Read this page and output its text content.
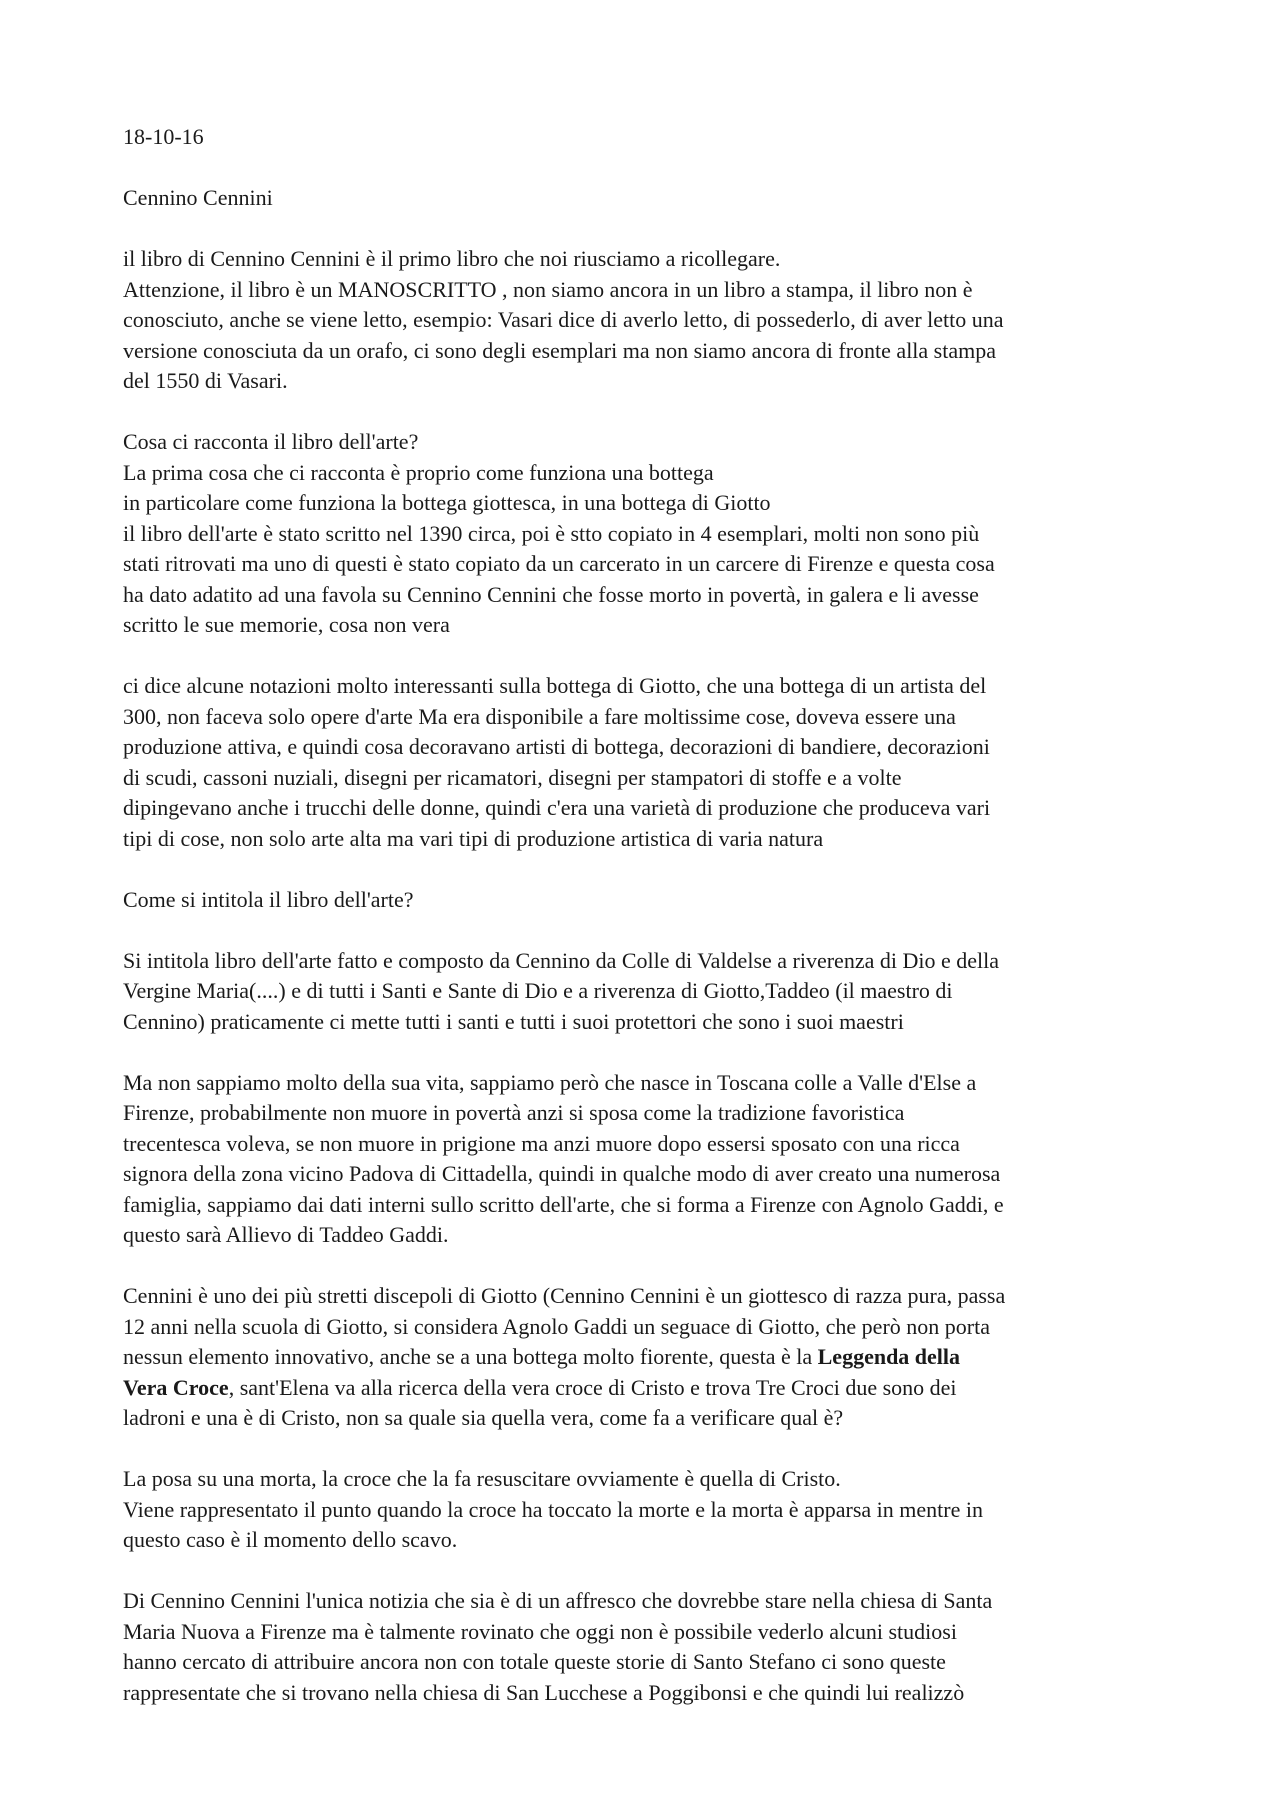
18-10-16

Cennino Cennini

il libro di Cennino Cennini è il primo libro che noi riusciamo a ricollegare.
Attenzione, il libro è un MANOSCRITTO , non siamo ancora in un libro a stampa, il libro non è
conosciuto, anche se viene letto, esempio: Vasari dice di averlo letto, di possederlo, di aver letto una
versione conosciuta da un orafo, ci sono degli esemplari ma non siamo ancora di fronte alla stampa
del 1550 di Vasari.

Cosa ci racconta il libro dell'arte?
La prima cosa che ci racconta è proprio come funziona una bottega
in particolare come funziona la bottega giottesca, in una bottega di Giotto
il libro dell'arte è stato scritto nel 1390 circa, poi è stto copiato in 4 esemplari, molti non sono più
stati ritrovati ma uno di questi è stato copiato da un carcerato in un carcere di Firenze e questa cosa
ha dato adatito ad una favola su Cennino Cennini che fosse morto in povertà, in galera e li avesse
scritto le sue memorie, cosa non vera

ci dice alcune notazioni molto interessanti sulla bottega di Giotto, che una bottega di un artista del
300, non faceva solo opere d'arte Ma era disponibile a fare moltissime cose, doveva essere una
produzione attiva, e quindi cosa decoravano artisti di bottega, decorazioni di bandiere, decorazioni
di scudi, cassoni nuziali, disegni per ricamatori, disegni per stampatori di stoffe e a volte
dipingevano anche i trucchi delle donne, quindi c'era una varietà di produzione che produceva vari
tipi di cose, non solo arte alta ma vari tipi di produzione artistica di varia natura

Come si intitola il libro dell'arte?

Si intitola libro dell'arte fatto e composto da Cennino da Colle di Valdelse a riverenza di Dio e della
Vergine Maria(....) e di tutti i Santi e Sante di Dio e a riverenza di Giotto,Taddeo (il maestro di
Cennino) praticamente ci mette tutti i santi e tutti i suoi protettori che sono i suoi maestri

Ma non sappiamo molto della sua vita, sappiamo però che nasce in Toscana colle a Valle d'Else a
Firenze, probabilmente non muore in povertà anzi si sposa come la tradizione favoristica
trecentesca voleva, se non muore in prigione ma anzi muore dopo essersi sposato con una ricca
signora della zona vicino Padova di Cittadella, quindi in qualche modo di aver creato una numerosa
famiglia, sappiamo dai dati interni sullo scritto dell'arte, che si forma a Firenze con Agnolo Gaddi, e
questo sarà Allievo di Taddeo Gaddi.

Cennini è uno dei più stretti discepoli di Giotto (Cennino Cennini è un giottesco di razza pura, passa
12 anni nella scuola di Giotto, si considera Agnolo Gaddi un seguace di Giotto, che però non porta
nessun elemento innovativo, anche se a una bottega molto fiorente, questa è la Leggenda della
Vera Croce, sant'Elena va alla ricerca della vera croce di Cristo e trova Tre Croci due sono dei
ladroni e una è di Cristo, non sa quale sia quella vera, come fa a verificare qual è?

La posa su una morta, la croce che la fa resuscitare ovviamente è quella di Cristo.
Viene rappresentato il punto quando la croce ha toccato la morte e la morta è apparsa in mentre in
questo caso è il momento dello scavo.

Di Cennino Cennini l'unica notizia che sia è di un affresco che dovrebbe stare nella chiesa di Santa
Maria Nuova a Firenze ma è talmente rovinato che oggi non è possibile vederlo alcuni studiosi
hanno cercato di attribuire ancora non con totale queste storie di Santo Stefano ci sono queste
rappresentate che si trovano nella chiesa di San Lucchese a Poggibonsi e che quindi lui realizzò
